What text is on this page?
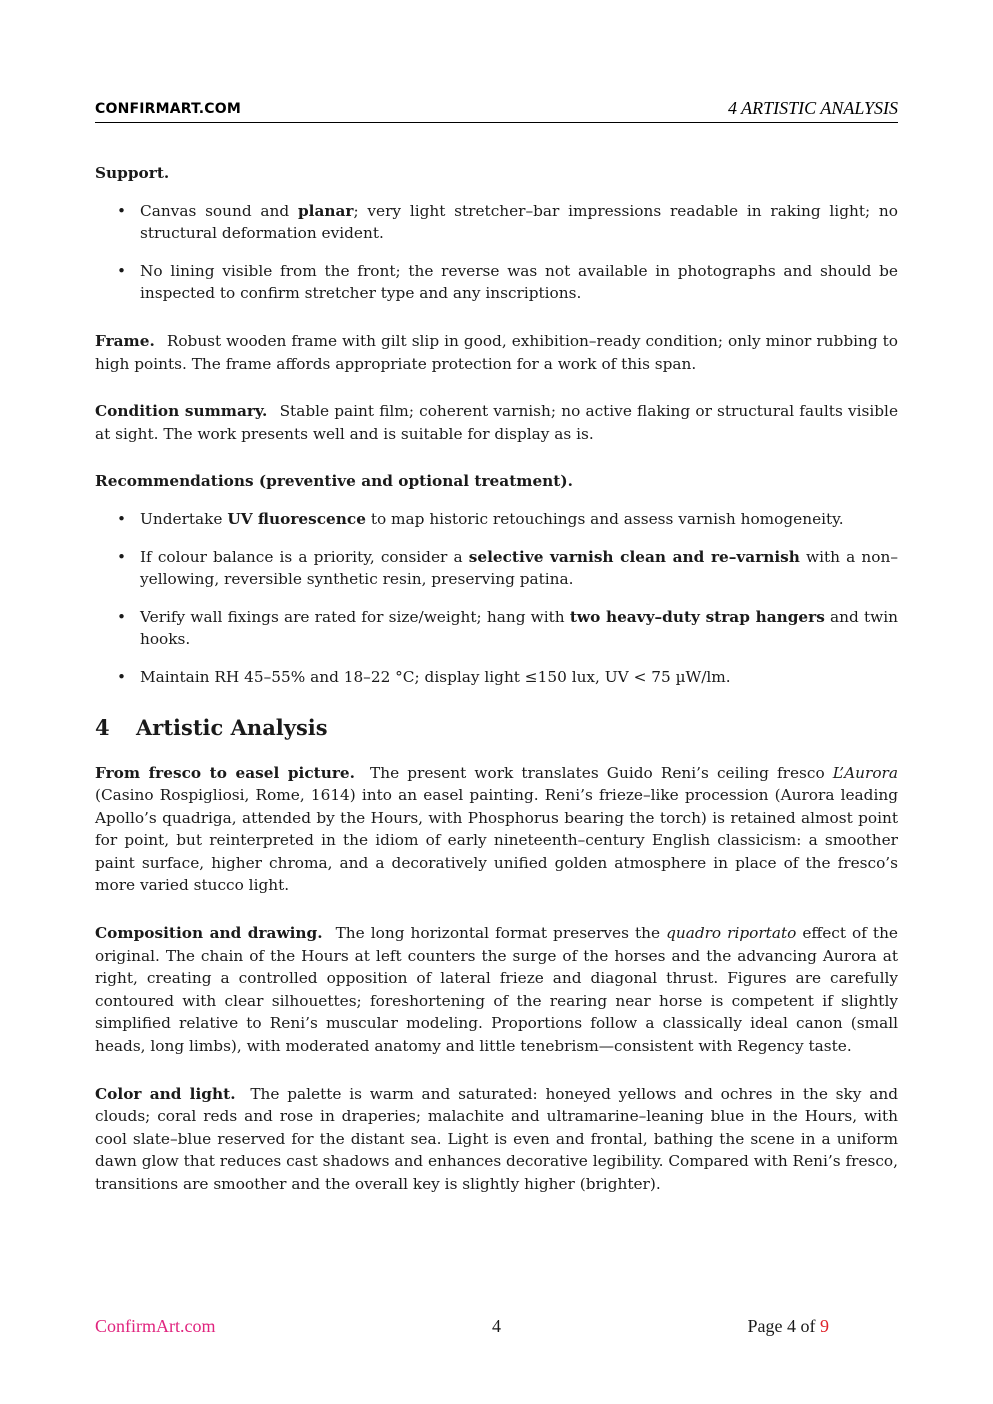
CONFIRMART.COM	4 ARTISTIC ANALYSIS
Support.
• Canvas sound and planar; very light stretcher–bar impressions readable in raking light; no structural deformation evident.
• No lining visible from the front; the reverse was not available in photographs and should be inspected to confirm stretcher type and any inscriptions.

Frame. Robust wooden frame with gilt slip in good, exhibition–ready condition; only minor rubbing to high points. The frame affords appropriate protection for a work of this span.

Condition summary. Stable paint film; coherent varnish; no active flaking or structural faults visible at sight. The work presents well and is suitable for display as is.

Recommendations (preventive and optional treatment).
• Undertake UV fluorescence to map historic retouchings and assess varnish homogeneity.
• If colour balance is a priority, consider a selective varnish clean and re–varnish with a non–yellowing, reversible synthetic resin, preserving patina.
• Verify wall fixings are rated for size/weight; hang with two heavy–duty strap hangers and twin hooks.
• Maintain RH 45–55% and 18–22 °C; display light ≤150 lux, UV < 75 µW/lm.
4 Artistic Analysis

From fresco to easel picture. The present work translates Guido Reni’s ceiling fresco L’Aurora (Casino Rospigliosi, Rome, 1614) into an easel painting. Reni’s frieze–like procession (Aurora leading Apollo’s quadriga, attended by the Hours, with Phosphorus bearing the torch) is retained almost point for point, but reinterpreted in the idiom of early nineteenth–century English classicism: a smoother paint surface, higher chroma, and a decoratively unified golden atmosphere in place of the fresco’s more varied stucco light.

Composition and drawing. The long horizontal format preserves the quadro riportato effect of the original. The chain of the Hours at left counters the surge of the horses and the advancing Aurora at right, creating a controlled opposition of lateral frieze and diagonal thrust. Figures are carefully contoured with clear silhouettes; foreshortening of the rearing near horse is competent if slightly simplified relative to Reni’s muscular modeling. Proportions follow a classically ideal canon (small heads, long limbs), with moderated anatomy and little tenebrism—consistent with Regency taste.

Color and light. The palette is warm and saturated: honeyed yellows and ochres in the sky and clouds; coral reds and rose in draperies; malachite and ultramarine–leaning blue in the Hours, with cool slate–blue reserved for the distant sea. Light is even and frontal, bathing the scene in a uniform dawn glow that reduces cast shadows and enhances decorative legibility. Compared with Reni’s fresco, transitions are smoother and the overall key is slightly higher (brighter).

ConfirmArt.com	4	Page 4 of 9
